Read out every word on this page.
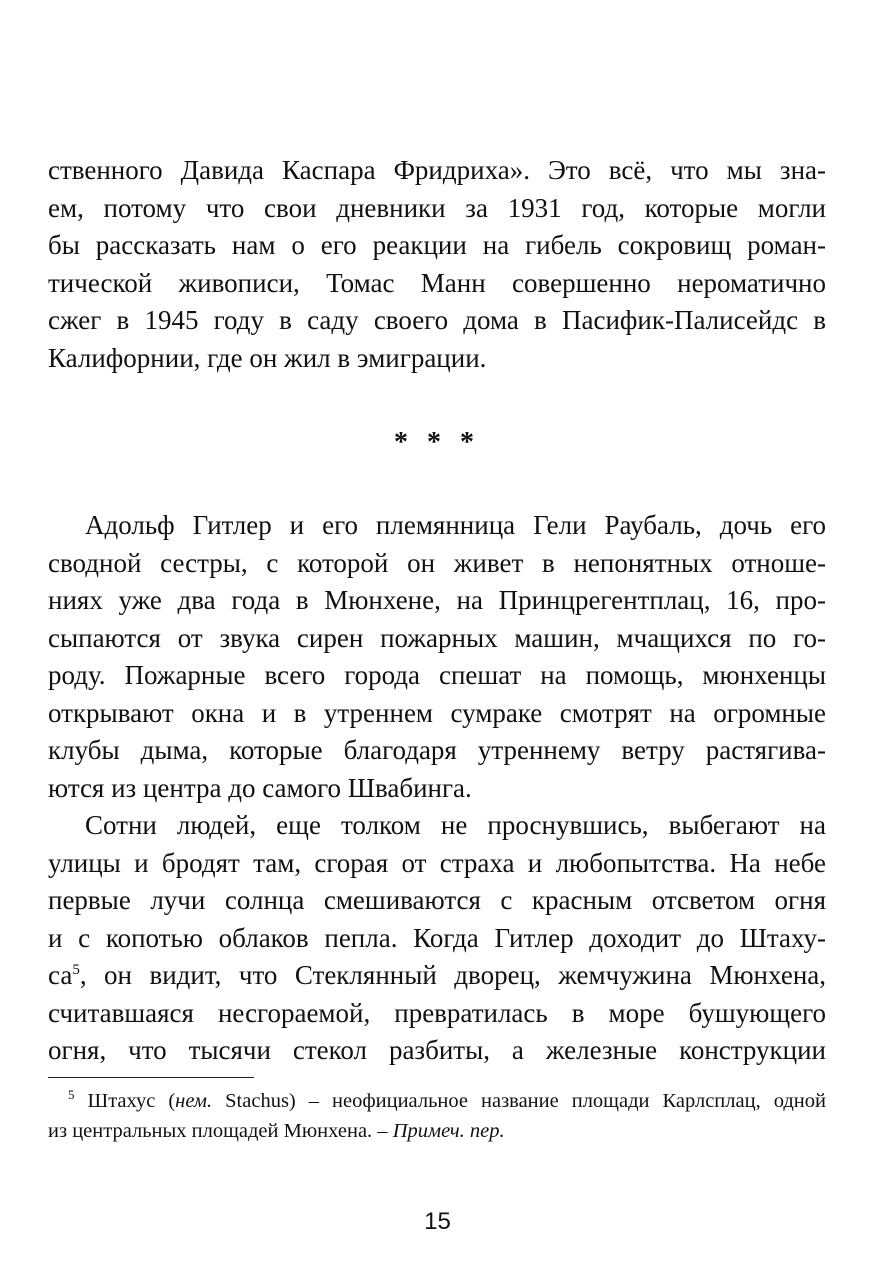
ственного Давида Каспара Фридриха». Это всё, что мы зна-
ем, потому что свои дневники за 1931 год, которые могли
бы рассказать нам о его реакции на гибель сокровищ роман-
тической живописи, Томас Манн совершенно нероматично
сжег в 1945 году в саду своего дома в Пасифик-Палисейдс в
Калифорнии, где он жил в эмиграции.
* * *
Адольф Гитлер и его племянница Гели Раубаль, дочь его
сводной сестры, с которой он живет в непонятных отноше-
ниях уже два года в Мюнхене, на Принцрегентплац, 16, про-
сыпаются от звука сирен пожарных машин, мчащихся по го-
роду. Пожарные всего города спешат на помощь, мюнхенцы
открывают окна и в утреннем сумраке смотрят на огромные
клубы дыма, которые благодаря утреннему ветру растягива-
ются из центра до самого Швабинга.
Сотни людей, еще толком не проснувшись, выбегают на
улицы и бродят там, сгорая от страха и любопытства. На небе
первые лучи солнца смешиваются с красным отсветом огня
и с копотью облаков пепла. Когда Гитлер доходит до Штаху-
са$^5$, он видит, что Стеклянный дворец, жемчужина Мюнхена,
считавшаяся несгораемой, превратилась в море бушующего
огня, что тысячи стекол разбиты, а железные конструкции
$^5$ Штахус (нем. Stachus) – неофициальное название площади Карлсплац, одной
из центральных площадей Мюнхена. – Примеч. пер.
15
